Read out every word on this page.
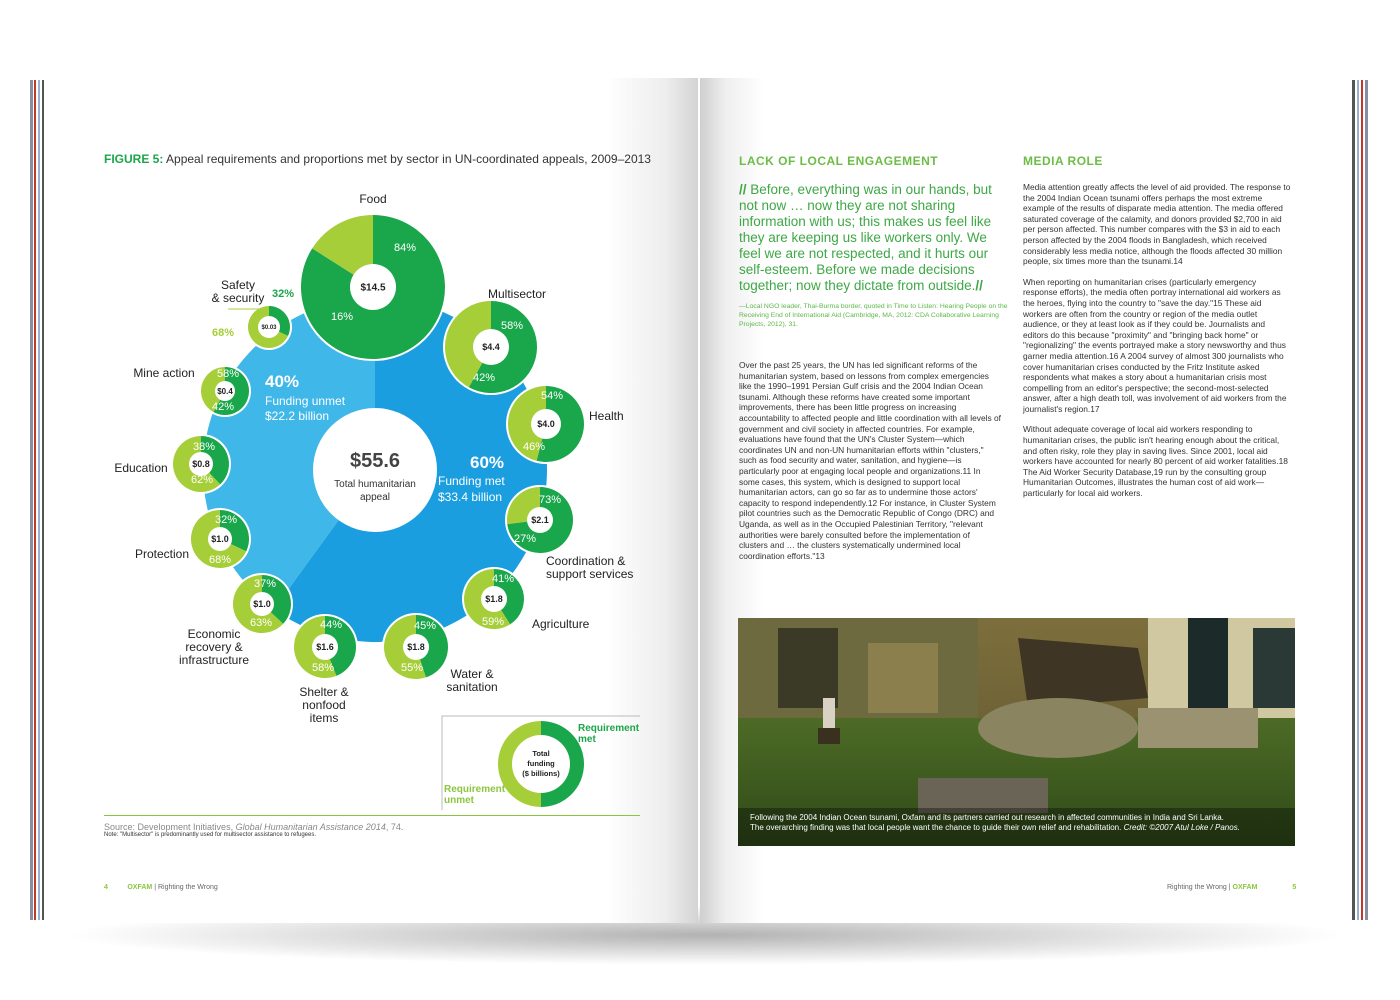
FIGURE 5: Appeal requirements and proportions met by sector in UN-coordinated appeals, 2009–2013
$55.6
Total humanitarian
appeal
40%
Funding unmet
$22.2 billion
60%
Funding met
$33.4 billion
$14.5
84%
16%
Food
$4.4
58%
42%
Multisector
$4.0
54%
46%
Health
$2.1
73%
27%
Coordination &
support services
$1.8
41%
59% Agriculture
$1.8
45%
55% Water &
sanitation
$1.6
44%
58%
Shelter &
nonfood
items
$1.0
37%
63%
Economic
recovery &
infrastructure
$1.0
32%
68%
Protection
$0.8
38%
62%
Education
$0.4
58%
42%
Mine action
$0.03
32%
68%
Safety
& security
Total
funding
($ billions)
Requirement
met
Requirement
unmet
Source: Development Initiatives, Global Humanitarian Assistance 2014, 74.
Note: "Multisector" is predominantly used for multisector assistance to refugees.
4	OXFAM | Righting the Wrong
LACK OF LOCAL ENGAGEMENT	MEDIA ROLE
// Before, everything was in our hands, but not now … now they are not sharing information with us; this makes us feel like they are keeping us like workers only. We feel we are not respected, and it hurts our self-esteem. Before we made decisions together; now they dictate from outside.//
—Local NGO leader, Thai-Burma border, quoted in Time to Listen: Hearing People on the Receiving End of International Aid (Cambridge, MA, 2012: CDA Collaborative Learning Projects, 2012), 31.

Over the past 25 years, the UN has led significant reforms of the humanitarian system, based on lessons from complex emergencies like the 1990–1991 Persian Gulf crisis and the 2004 Indian Ocean tsunami. Although these reforms have created some important improvements, there has been little progress on increasing accountability to affected people and little coordination with all levels of government and civil society in affected countries. For example, evaluations have found that the UN's Cluster System—which coordinates UN and non-UN humanitarian efforts within "clusters," such as food security and water, sanitation, and hygiene—is particularly poor at engaging local people and organizations.11 In some cases, this system, which is designed to support local humanitarian actors, can go so far as to undermine those actors' capacity to respond independently.12 For instance, in Cluster System pilot countries such as the Democratic Republic of Congo (DRC) and Uganda, as well as in the Occupied Palestinian Territory, "relevant authorities were barely consulted before the implementation of clusters and … the clusters systematically undermined local coordination efforts."13

Media attention greatly affects the level of aid provided. The response to the 2004 Indian Ocean tsunami offers perhaps the most extreme example of the results of disparate media attention. The media offered saturated coverage of the calamity, and donors provided $2,700 in aid per person affected. This number compares with the $3 in aid to each person affected by the 2004 floods in Bangladesh, which received considerably less media notice, although the floods affected 30 million people, six times more than the tsunami.14

When reporting on humanitarian crises (particularly emergency response efforts), the media often portray international aid workers as the heroes, flying into the country to "save the day."15 These aid workers are often from the country or region of the media outlet audience, or they at least look as if they could be. Journalists and editors do this because "proximity" and "bringing back home" or "regionalizing" the events portrayed make a story newsworthy and thus garner media attention.16 A 2004 survey of almost 300 journalists who cover humanitarian crises conducted by the Fritz Institute asked respondents what makes a story about a humanitarian crisis most compelling from an editor's perspective; the second-most-selected answer, after a high death toll, was involvement of aid workers from the journalist's region.17

Without adequate coverage of local aid workers responding to humanitarian crises, the public isn't hearing enough about the critical, and often risky, role they play in saving lives. Since 2001, local aid workers have accounted for nearly 80 percent of aid worker fatalities.18 The Aid Worker Security Database,19 run by the consulting group Humanitarian Outcomes, illustrates the human cost of aid work—particularly for local aid workers.

Following the 2004 Indian Ocean tsunami, Oxfam and its partners carried out research in affected communities in India and Sri Lanka.
The overarching finding was that local people want the chance to guide their own relief and rehabilitation. Credit: ©2007 Atul Loke / Panos.
Righting the Wrong | OXFAM	5
